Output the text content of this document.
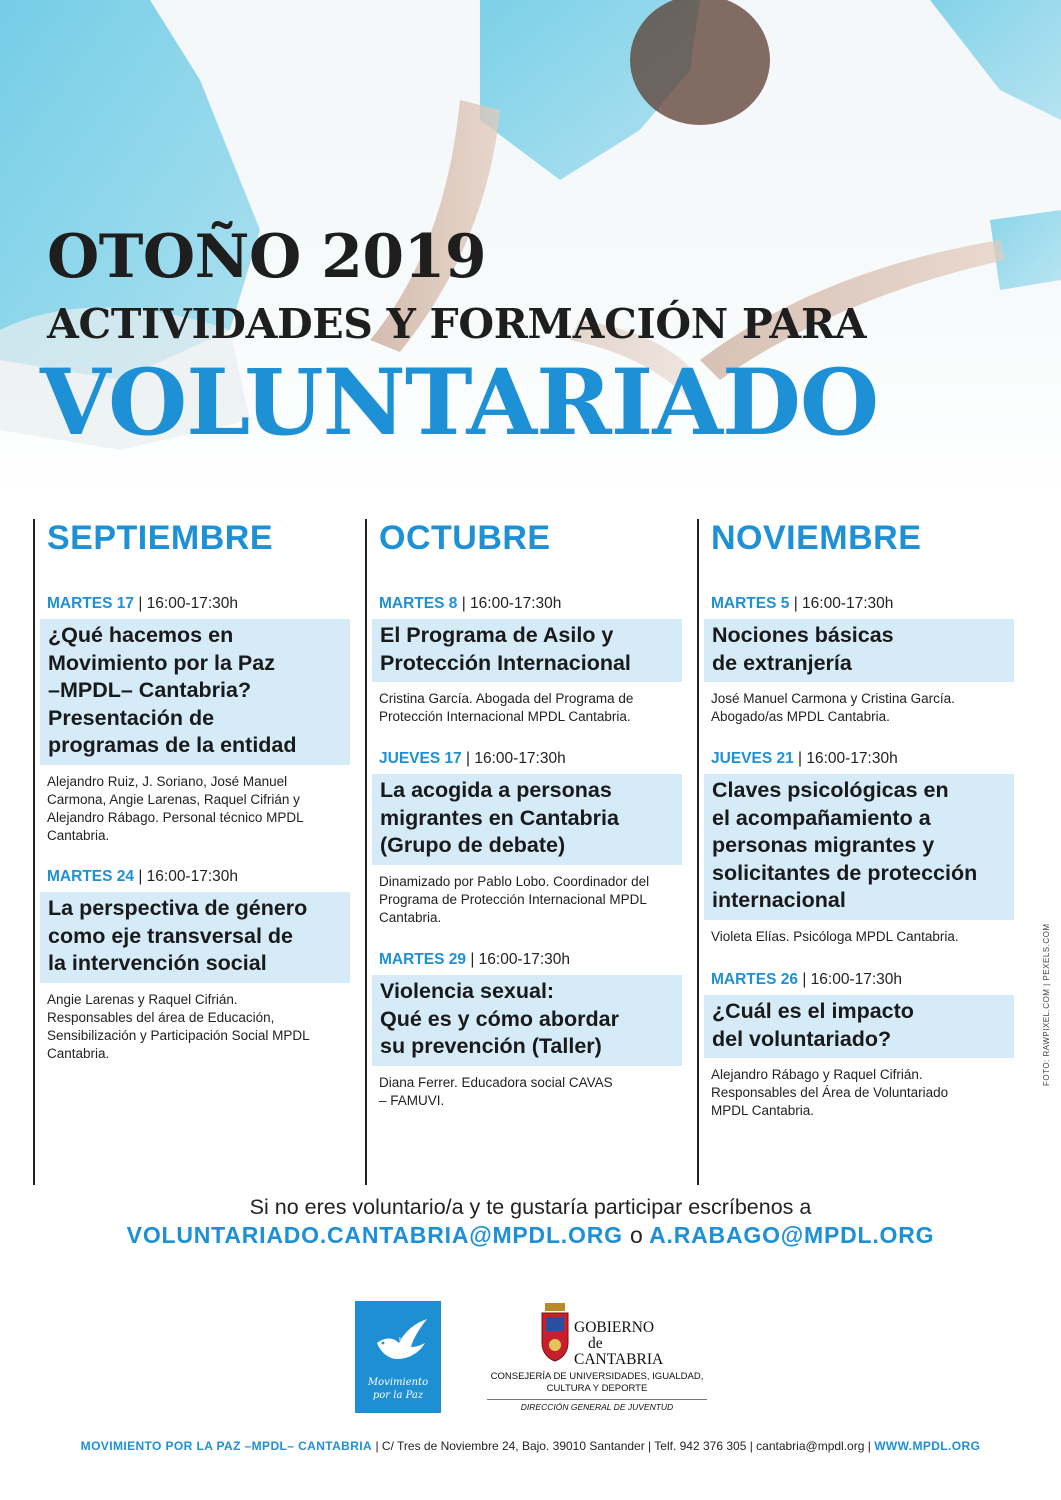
OTOÑO 2019
ACTIVIDADES Y FORMACIÓN PARA
VOLUNTARIADO
SEPTIEMBRE
MARTES 17 | 16:00-17:30h
¿Qué hacemos en
Movimiento por la Paz
–MPDL– Cantabria?
Presentación de
programas de la entidad
Alejandro Ruiz, J. Soriano, José Manuel
Carmona, Angie Larenas, Raquel Cifrián y
Alejandro Rábago. Personal técnico MPDL
Cantabria.
MARTES 24 | 16:00-17:30h
La perspectiva de género
como eje transversal de
la intervención social
Angie Larenas y Raquel Cifrián.
Responsables del área de Educación,
Sensibilización y Participación Social MPDL
Cantabria.
OCTUBRE
MARTES 8 | 16:00-17:30h
El Programa de Asilo y
Protección Internacional
Cristina García. Abogada del Programa de
Protección Internacional MPDL Cantabria.
JUEVES 17 | 16:00-17:30h
La acogida a personas
migrantes en Cantabria
(Grupo de debate)
Dinamizado por Pablo Lobo. Coordinador del
Programa de Protección Internacional MPDL
Cantabria.
MARTES 29 | 16:00-17:30h
Violencia sexual:
Qué es y cómo abordar
su prevención (Taller)
Diana Ferrer. Educadora social CAVAS
– FAMUVI.
NOVIEMBRE
MARTES 5 | 16:00-17:30h
Nociones básicas
de extranjería
José Manuel Carmona y Cristina García.
Abogado/as MPDL Cantabria.
JUEVES 21 | 16:00-17:30h
Claves psicológicas en
el acompañamiento a
personas migrantes y
solicitantes de protección
internacional
Violeta Elías. Psicóloga MPDL Cantabria.
MARTES 26 | 16:00-17:30h
¿Cuál es el impacto
del voluntariado?
Alejandro Rábago y Raquel Cifrián.
Responsables del Área de Voluntariado
MPDL Cantabria.
FOTO: RAWPIXEL.COM | PEXELS.COM
Si no eres voluntario/a y te gustaría participar escríbenos a
VOLUNTARIADO.CANTABRIA@MPDL.ORG o A.RABAGO@MPDL.ORG
MPDL
Movimiento
por la Paz
GOBIERNO
de
CANTABRIA
CONSEJERÍA DE UNIVERSIDADES, IGUALDAD,
CULTURA Y DEPORTE
DIRECCIÓN GENERAL DE JUVENTUD
MOVIMIENTO POR LA PAZ –MPDL– CANTABRIA | C/ Tres de Noviembre 24, Bajo. 39010 Santander | Telf. 942 376 305 | cantabria@mpdl.org | WWW.MPDL.ORG
